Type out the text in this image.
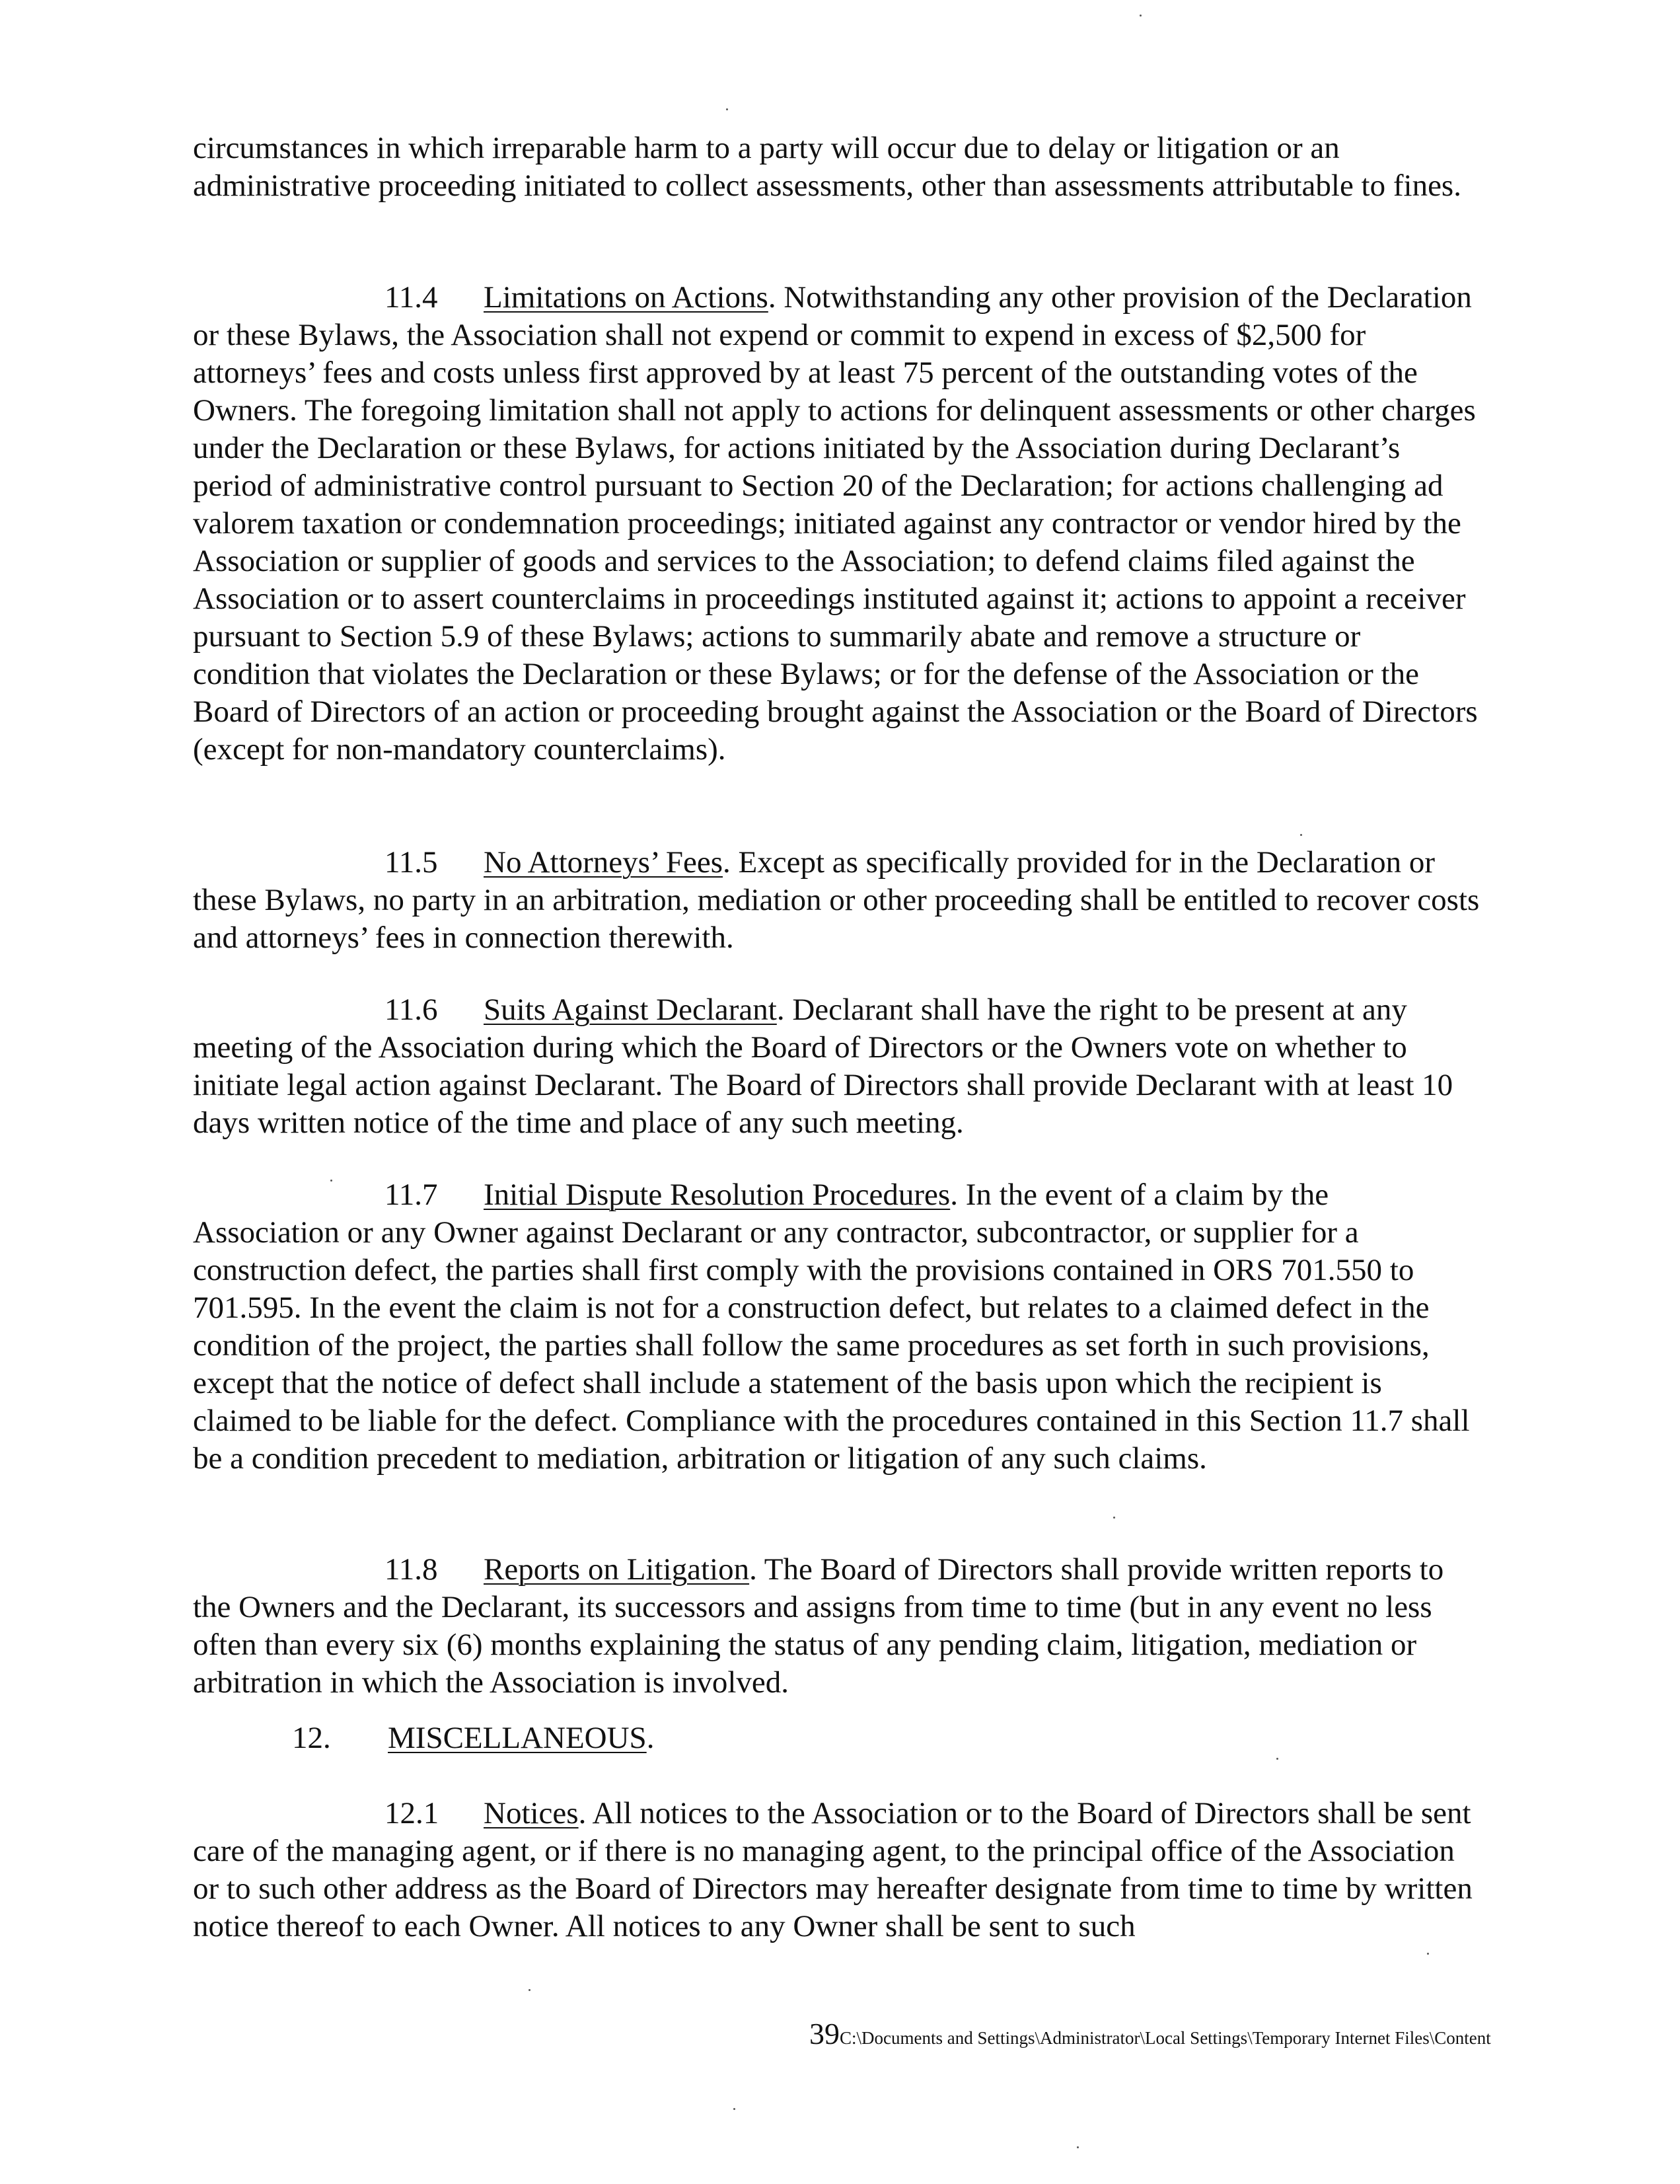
circumstances in which irreparable harm to a party will occur due to delay or litigation or an administrative proceeding initiated to collect assessments, other than assessments attributable to fines.

11.4 Limitations on Actions. Notwithstanding any other provision of the Declaration or these Bylaws, the Association shall not expend or commit to expend in excess of $2,500 for attorneys’ fees and costs unless first approved by at least 75 percent of the outstanding votes of the Owners. The foregoing limitation shall not apply to actions for delinquent assessments or other charges under the Declaration or these Bylaws, for actions initiated by the Association during Declarant’s period of administrative control pursuant to Section 20 of the Declaration; for actions challenging ad valorem taxation or condemnation proceedings; initiated against any contractor or vendor hired by the Association or supplier of goods and services to the Association; to defend claims filed against the Association or to assert counterclaims in proceedings instituted against it; actions to appoint a receiver pursuant to Section 5.9 of these Bylaws; actions to summarily abate and remove a structure or condition that violates the Declaration or these Bylaws; or for the defense of the Association or the Board of Directors of an action or proceeding brought against the Association or the Board of Directors (except for non-mandatory counterclaims).

11.5 No Attorneys’ Fees. Except as specifically provided for in the Declaration or these Bylaws, no party in an arbitration, mediation or other proceeding shall be entitled to recover costs and attorneys’ fees in connection therewith.

11.6 Suits Against Declarant. Declarant shall have the right to be present at any meeting of the Association during which the Board of Directors or the Owners vote on whether to initiate legal action against Declarant. The Board of Directors shall provide Declarant with at least 10 days written notice of the time and place of any such meeting.

11.7 Initial Dispute Resolution Procedures. In the event of a claim by the Association or any Owner against Declarant or any contractor, subcontractor, or supplier for a construction defect, the parties shall first comply with the provisions contained in ORS 701.550 to 701.595. In the event the claim is not for a construction defect, but relates to a claimed defect in the condition of the project, the parties shall follow the same procedures as set forth in such provisions, except that the notice of defect shall include a statement of the basis upon which the recipient is claimed to be liable for the defect. Compliance with the procedures contained in this Section 11.7 shall be a condition precedent to mediation, arbitration or litigation of any such claims.

11.8 Reports on Litigation. The Board of Directors shall provide written reports to the Owners and the Declarant, its successors and assigns from time to time (but in any event no less often than every six (6) months explaining the status of any pending claim, litigation, mediation or arbitration in which the Association is involved.

12. MISCELLANEOUS.

12.1 Notices. All notices to the Association or to the Board of Directors shall be sent care of the managing agent, or if there is no managing agent, to the principal office of the Association or to such other address as the Board of Directors may hereafter designate from time to time by written notice thereof to each Owner. All notices to any Owner shall be sent to such

39C:\Documents and Settings\Administrator\Local Settings\Temporary Internet Files\Content
